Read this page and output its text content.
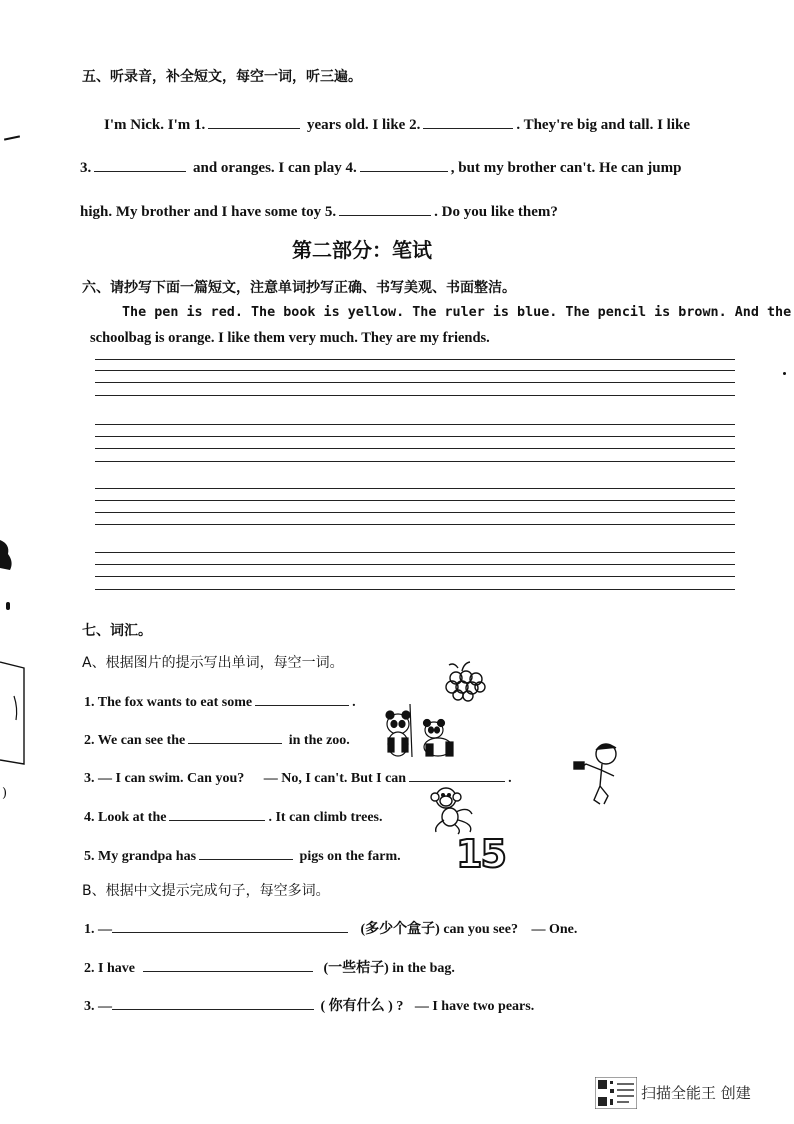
五、听录音，补全短文，每空一词，听三遍。
I'm Nick. I'm 1.	years old. I like 2.	. They're big and tall. I like
3.	and oranges. I can play 4.	, but my brother can't. He can jump
high. My brother and I have some toy 5.	. Do you like them?
第二部分：笔试
六、请抄写下面一篇短文，注意单词抄写正确、书写美观、书面整洁。
The pen is red. The book is yellow. The ruler is blue. The pencil is brown. And the
schoolbag is orange. I like them very much. They are my friends.
七、词汇。
A、根据图片的提示写出单词，每空一词。
1. The fox wants to eat some	.
2. We can see the	in the zoo.
3. — I can swim. Can you? — No, I can't. But I can	.
4. Look at the	. It can climb trees.
5. My grandpa has	pigs on the farm. 15
B、根据中文提示完成句子，每空多词。
1. —	(多少个盒子) can you see? — One.
2. I have	(一些桔子) in the bag.
3. —	( 你有什么 ) ? — I have two pears.
)
扫描全能王 创建
